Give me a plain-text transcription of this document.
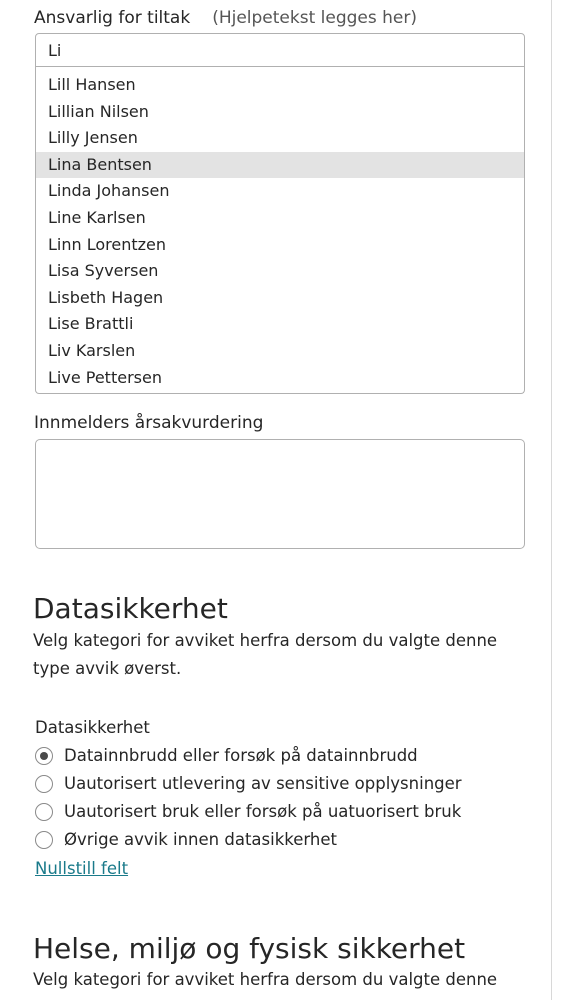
Ansvarlig for tiltak (Hjelpetekst legges her)
Li
Lill Hansen
Lillian Nilsen
Lilly Jensen
Lina Bentsen
Linda Johansen
Line Karlsen
Linn Lorentzen
Lisa Syversen
Lisbeth Hagen
Lise Brattli
Liv Karslen
Live Pettersen
Innmelders årsakvurdering
Datasikkerhet

Velg kategori for avviket herfra dersom du valgte denne type avvik øverst.

Datasikkerhet
Datainnbrudd eller forsøk på datainnbrudd
Uautorisert utlevering av sensitive opplysninger
Uautorisert bruk eller forsøk på uatuorisert bruk
Øvrige avvik innen datasikkerhet
Nullstill felt
Helse, miljø og fysisk sikkerhet

Velg kategori for avviket herfra dersom du valgte denne
